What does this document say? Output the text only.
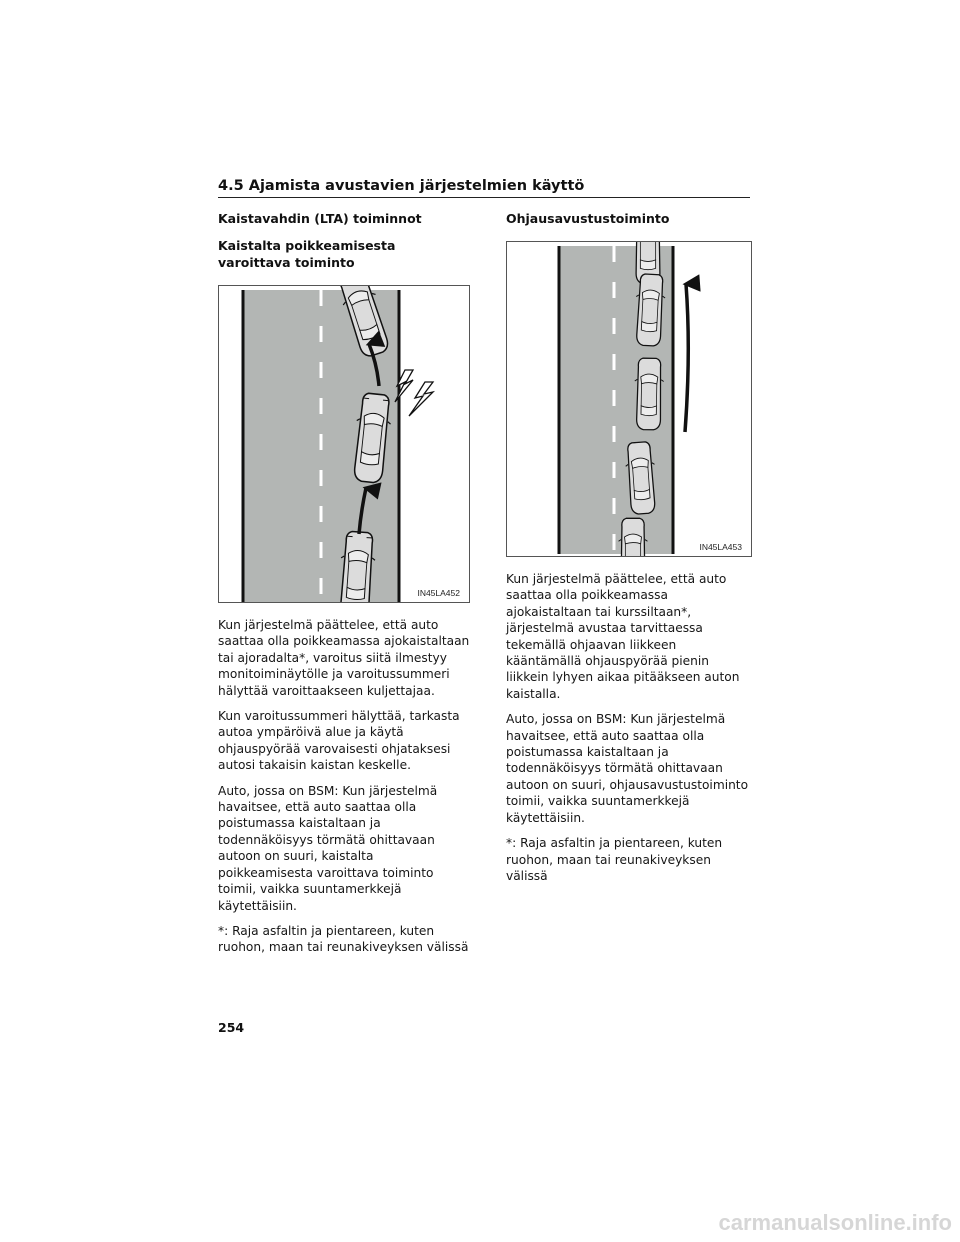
4.5 Ajamista avustavien järjestelmien käyttö
Kaistavahdin (LTA) toiminnot
Kaistalta poikkeamisesta varoittava toiminto
IN45LA452

Kun järjestelmä päättelee, että auto saattaa olla poikkeamassa ajokaistaltaan tai ajoradalta*, varoitus siitä ilmestyy monitoiminäytölle ja varoitussummeri hälyttää varoittaakseen kuljettajaa.

Kun varoitussummeri hälyttää, tarkasta autoa ympäröivä alue ja käytä ohjauspyörää varovaisesti ohjataksesi autosi takaisin kaistan keskelle.

Auto, jossa on BSM: Kun järjestelmä havaitsee, että auto saattaa olla poistumassa kaistaltaan ja todennäköisyys törmätä ohittavaan autoon on suuri, kaistalta poikkeamisesta varoittava toiminto toimii, vaikka suuntamerkkejä käytettäisiin.

*: Raja asfaltin ja pientareen, kuten ruohon, maan tai reunakiveyksen välissä

Ohjausavustustoiminto
IN45LA453

Kun järjestelmä päättelee, että auto saattaa olla poikkeamassa ajokaistaltaan tai kurssiltaan*, järjestelmä avustaa tarvittaessa tekemällä ohjaavan liikkeen kääntämällä ohjauspyörää pienin liikkein lyhyen aikaa pitääkseen auton kaistalla.

Auto, jossa on BSM: Kun järjestelmä havaitsee, että auto saattaa olla poistumassa kaistaltaan ja todennäköisyys törmätä ohittavaan autoon on suuri, ohjausavustustoiminto toimii, vaikka suuntamerkkejä käytettäisiin.

*: Raja asfaltin ja pientareen, kuten ruohon, maan tai reunakiveyksen välissä

254
carmanualsonline.info
